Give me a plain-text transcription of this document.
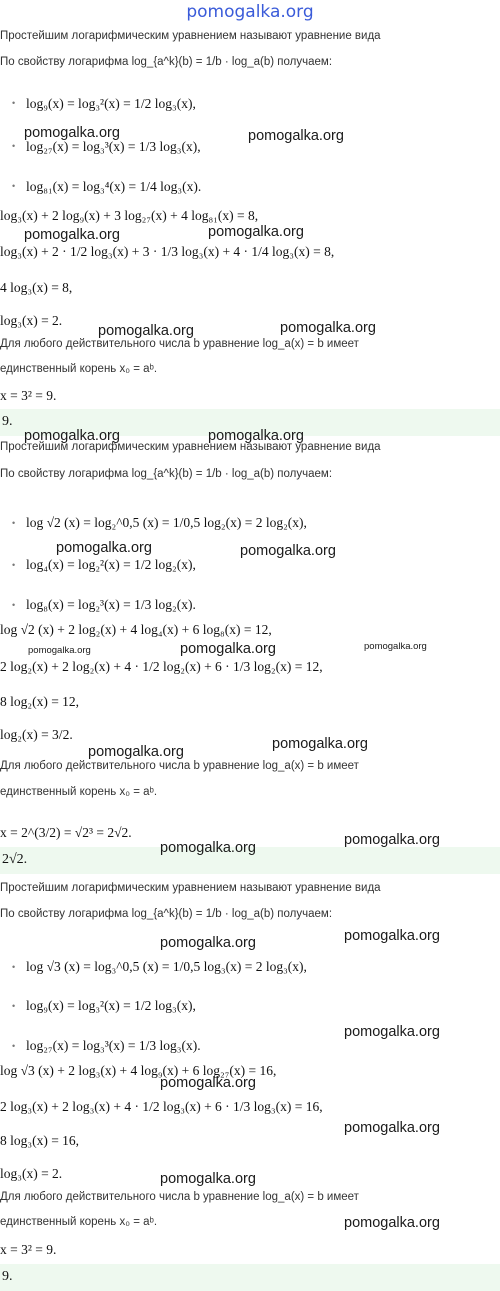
pomogalka.org
Простейшим логарифмическим уравнением называют уравнение вида
По свойству логарифма log_{a^k}(b) = 1/b · log_a(b) получаем:
• log₉(x) = log₃²(x) = 1/2 log₃(x),
• log₂₇(x) = log₃³(x) = 1/3 log₃(x),
• log₈₁(x) = log₃⁴(x) = 1/4 log₃(x).
log₃(x) + 2 log₉(x) + 3 log₂₇(x) + 4 log₈₁(x) = 8,
log₃(x) + 2 · 1/2 log₃(x) + 3 · 1/3 log₃(x) + 4 · 1/4 log₃(x) = 8,
4 log₃(x) = 8,
log₃(x) = 2.
Для любого действительного числа b уравнение log_a(x) = b имеет
единственный корень x₀ = aᵇ.
x = 3² = 9.
9.
Простейшим логарифмическим уравнением называют уравнение вида
По свойству логарифма log_{a^k}(b) = 1/b · log_a(b) получаем:
• log √2 (x) = log₂^0,5 (x) = 1/0,5 log₂(x) = 2 log₂(x),
• log₄(x) = log₂²(x) = 1/2 log₂(x),
• log₈(x) = log₂³(x) = 1/3 log₂(x).
log √2 (x) + 2 log₂(x) + 4 log₄(x) + 6 log₈(x) = 12,
2 log₂(x) + 2 log₂(x) + 4 · 1/2 log₂(x) + 6 · 1/3 log₂(x) = 12,
8 log₂(x) = 12,
log₂(x) = 3/2.
Для любого действительного числа b уравнение log_a(x) = b имеет
единственный корень x₀ = aᵇ.
x = 2^(3/2) = √2³ = 2√2.
2√2.
Простейшим логарифмическим уравнением называют уравнение вида
По свойству логарифма log_{a^k}(b) = 1/b · log_a(b) получаем:
• log √3 (x) = log₃^0,5 (x) = 1/0,5 log₃(x) = 2 log₃(x),
• log₉(x) = log₃²(x) = 1/2 log₃(x),
• log₂₇(x) = log₃³(x) = 1/3 log₃(x).
log √3 (x) + 2 log₃(x) + 4 log₉(x) + 6 log₂₇(x) = 16,
2 log₃(x) + 2 log₃(x) + 4 · 1/2 log₃(x) + 6 · 1/3 log₃(x) = 16,
8 log₃(x) = 16,
log₃(x) = 2.
Для любого действительного числа b уравнение log_a(x) = b имеет
единственный корень x₀ = aᵇ.
x = 3² = 9.
9.
pomogalka.org	pomogalka.org
pomogalka.org	pomogalka.org
pomogalka.org	pomogalka.org
pomogalka.org	pomogalka.org
pomogalka.org	pomogalka.org
pomogalka.org	pomogalka.org	pomogalka.org
pomogalka.org	pomogalka.org
pomogalka.org	pomogalka.org
pomogalka.org	pomogalka.org
pomogalka.org
pomogalka.org
pomogalka.org
pomogalka.org
pomogalka.org
